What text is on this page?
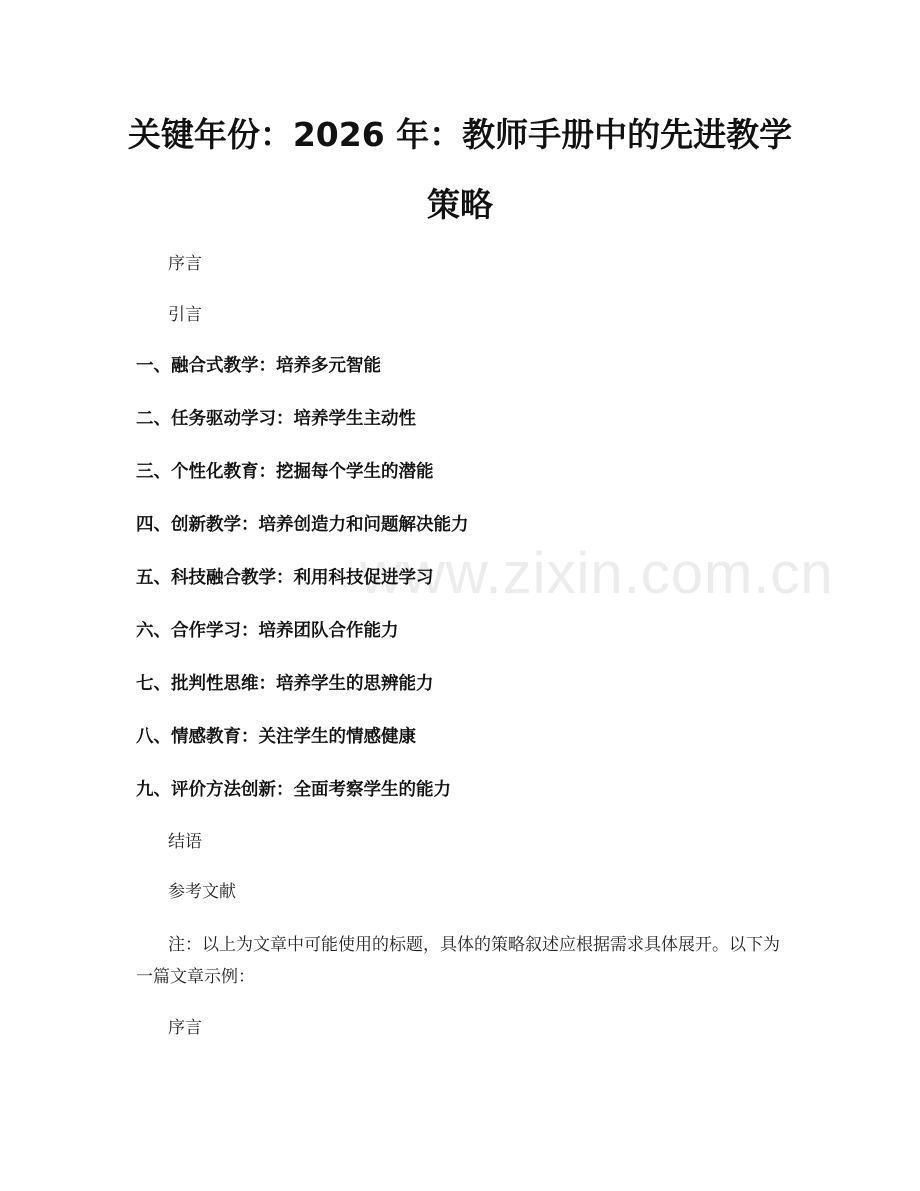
www.zixin.com.cn
关键年份：2026 年：教师手册中的先进教学策略
序言
引言
一、融合式教学：培养多元智能
二、任务驱动学习：培养学生主动性
三、个性化教育：挖掘每个学生的潜能
四、创新教学：培养创造力和问题解决能力
五、科技融合教学：利用科技促进学习
六、合作学习：培养团队合作能力
七、批判性思维：培养学生的思辨能力
八、情感教育：关注学生的情感健康
九、评价方法创新：全面考察学生的能力
结语
参考文献

注：以上为文章中可能使用的标题，具体的策略叙述应根据需求具体展开。以下为一篇文章示例：

序言
